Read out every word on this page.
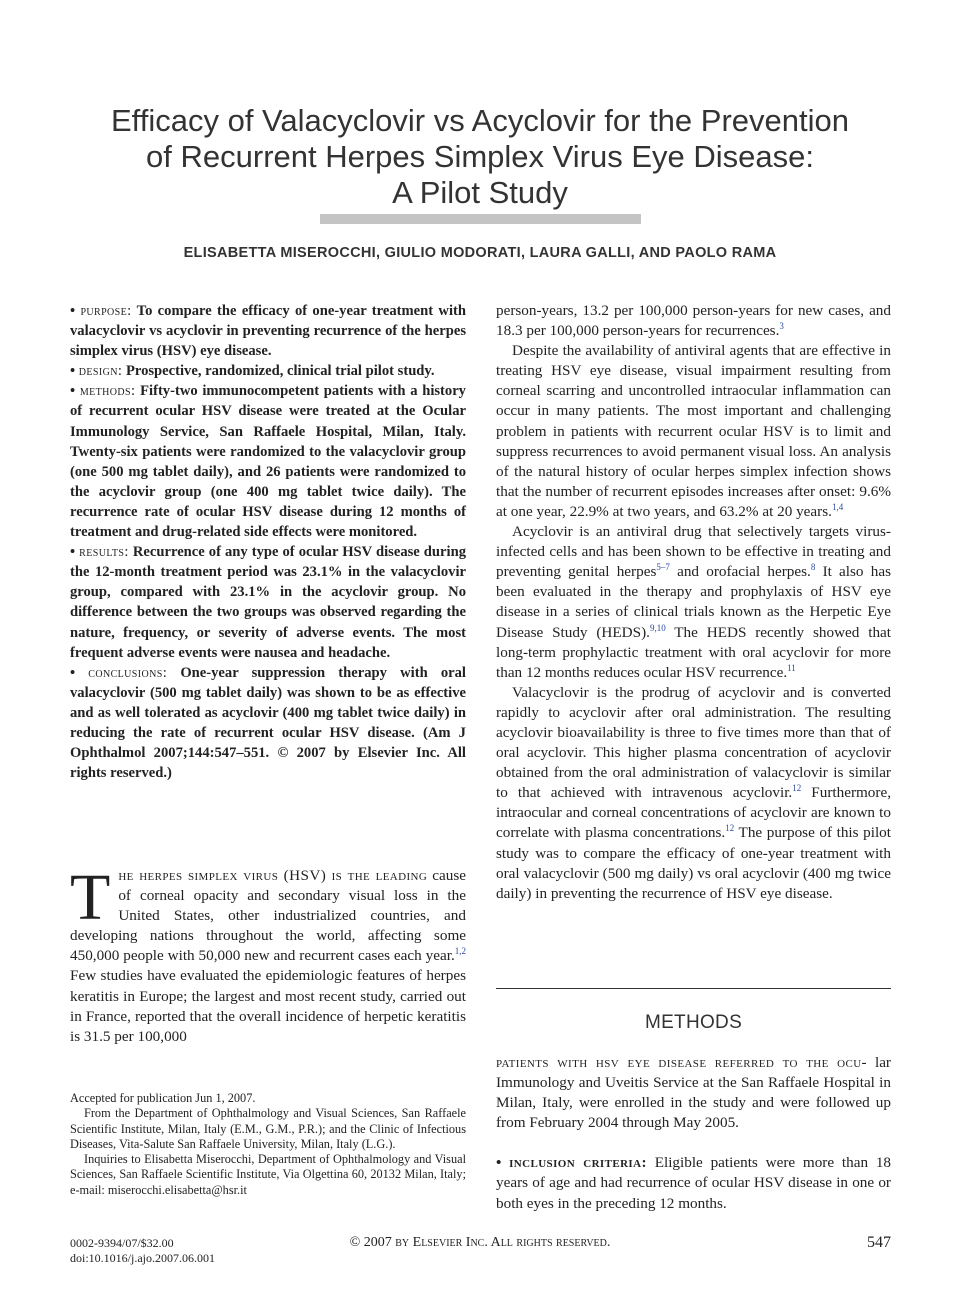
Efficacy of Valacyclovir vs Acyclovir for the Prevention
of Recurrent Herpes Simplex Virus Eye Disease:
A Pilot Study
ELISABETTA MISEROCCHI, GIULIO MODORATI, LAURA GALLI, AND PAOLO RAMA

• purpose: To compare the efficacy of one-year treatment with valacyclovir vs acyclovir in preventing recurrence of the herpes simplex virus (HSV) eye disease.

• design: Prospective, randomized, clinical trial pilot study.

• methods: Fifty-two immunocompetent patients with a history of recurrent ocular HSV disease were treated at the Ocular Immunology Service, San Raffaele Hospital, Milan, Italy. Twenty-six patients were randomized to the valacyclovir group (one 500 mg tablet daily), and 26 patients were randomized to the acyclovir group (one 400 mg tablet twice daily). The recurrence rate of ocular HSV disease during 12 months of treatment and drug-related side effects were monitored.

• results: Recurrence of any type of ocular HSV disease during the 12-month treatment period was 23.1% in the valacyclovir group, compared with 23.1% in the acyclovir group. No difference between the two groups was observed regarding the nature, frequency, or severity of adverse events. The most frequent adverse events were nausea and headache.

• conclusions: One-year suppression therapy with oral valacyclovir (500 mg tablet daily) was shown to be as effective and as well tolerated as acyclovir (400 mg tablet twice daily) in reducing the rate of recurrent ocular HSV disease. (Am J Ophthalmol 2007;144:547–551. © 2007 by Elsevier Inc. All rights reserved.)

The herpes simplex virus (HSV) is the leading cause of corneal opacity and secondary visual loss in the United States, other industrialized countries, and developing nations throughout the world, affecting some 450,000 people with 50,000 new and recurrent cases each year.$^{1,2}$ Few studies have evaluated the epidemiologic features of herpes keratitis in Europe; the largest and most recent study, carried out in France, reported that the overall incidence of herpetic keratitis is 31.5 per 100,000

person-years, 13.2 per 100,000 person-years for new cases, and 18.3 per 100,000 person-years for recurrences.$^3$

Despite the availability of antiviral agents that are effective in treating HSV eye disease, visual impairment resulting from corneal scarring and uncontrolled intraocular inflammation can occur in many patients. The most important and challenging problem in patients with recurrent ocular HSV is to limit and suppress recurrences to avoid permanent visual loss. An analysis of the natural history of ocular herpes simplex infection shows that the number of recurrent episodes increases after onset: 9.6% at one year, 22.9% at two years, and 63.2% at 20 years.$^{1,4}$

Acyclovir is an antiviral drug that selectively targets virus-infected cells and has been shown to be effective in treating and preventing genital herpes$^{5-7}$ and orofacial herpes.$^8$ It also has been evaluated in the therapy and prophylaxis of HSV eye disease in a series of clinical trials known as the Herpetic Eye Disease Study (HEDS).$^{9,10}$ The HEDS recently showed that long-term prophylactic treatment with oral acyclovir for more than 12 months reduces ocular HSV recurrence.$^{11}$

Valacyclovir is the prodrug of acyclovir and is converted rapidly to acyclovir after oral administration. The resulting acyclovir bioavailability is three to five times more than that of oral acyclovir. This higher plasma concentration of acyclovir obtained from the oral administration of valacyclovir is similar to that achieved with intravenous acyclovir.$^{12}$ Furthermore, intraocular and corneal concentrations of acyclovir are known to correlate with plasma concentrations.$^{12}$ The purpose of this pilot study was to compare the efficacy of one-year treatment with oral valacyclovir (500 mg daily) vs oral acyclovir (400 mg twice daily) in preventing the recurrence of HSV eye disease.

METHODS

patients with hsv eye disease referred to the ocu- lar Immunology and Uveitis Service at the San Raffaele Hospital in Milan, Italy, were enrolled in the study and were followed up from February 2004 through May 2005.

• inclusion criteria: Eligible patients were more than 18 years of age and had recurrence of ocular HSV disease in one or both eyes in the preceding 12 months.

Accepted for publication Jun 1, 2007.

From the Department of Ophthalmology and Visual Sciences, San Raffaele Scientific Institute, Milan, Italy (E.M., G.M., P.R.); and the Clinic of Infectious Diseases, Vita-Salute San Raffaele University, Milan, Italy (L.G.).

Inquiries to Elisabetta Miserocchi, Department of Ophthalmology and Visual Sciences, San Raffaele Scientific Institute, Via Olgettina 60, 20132 Milan, Italy; e-mail: miserocchi.elisabetta@hsr.it

0002-9394/07/$32.00
doi:10.1016/j.ajo.2007.06.001
© 2007 by Elsevier Inc. All rights reserved.	547
